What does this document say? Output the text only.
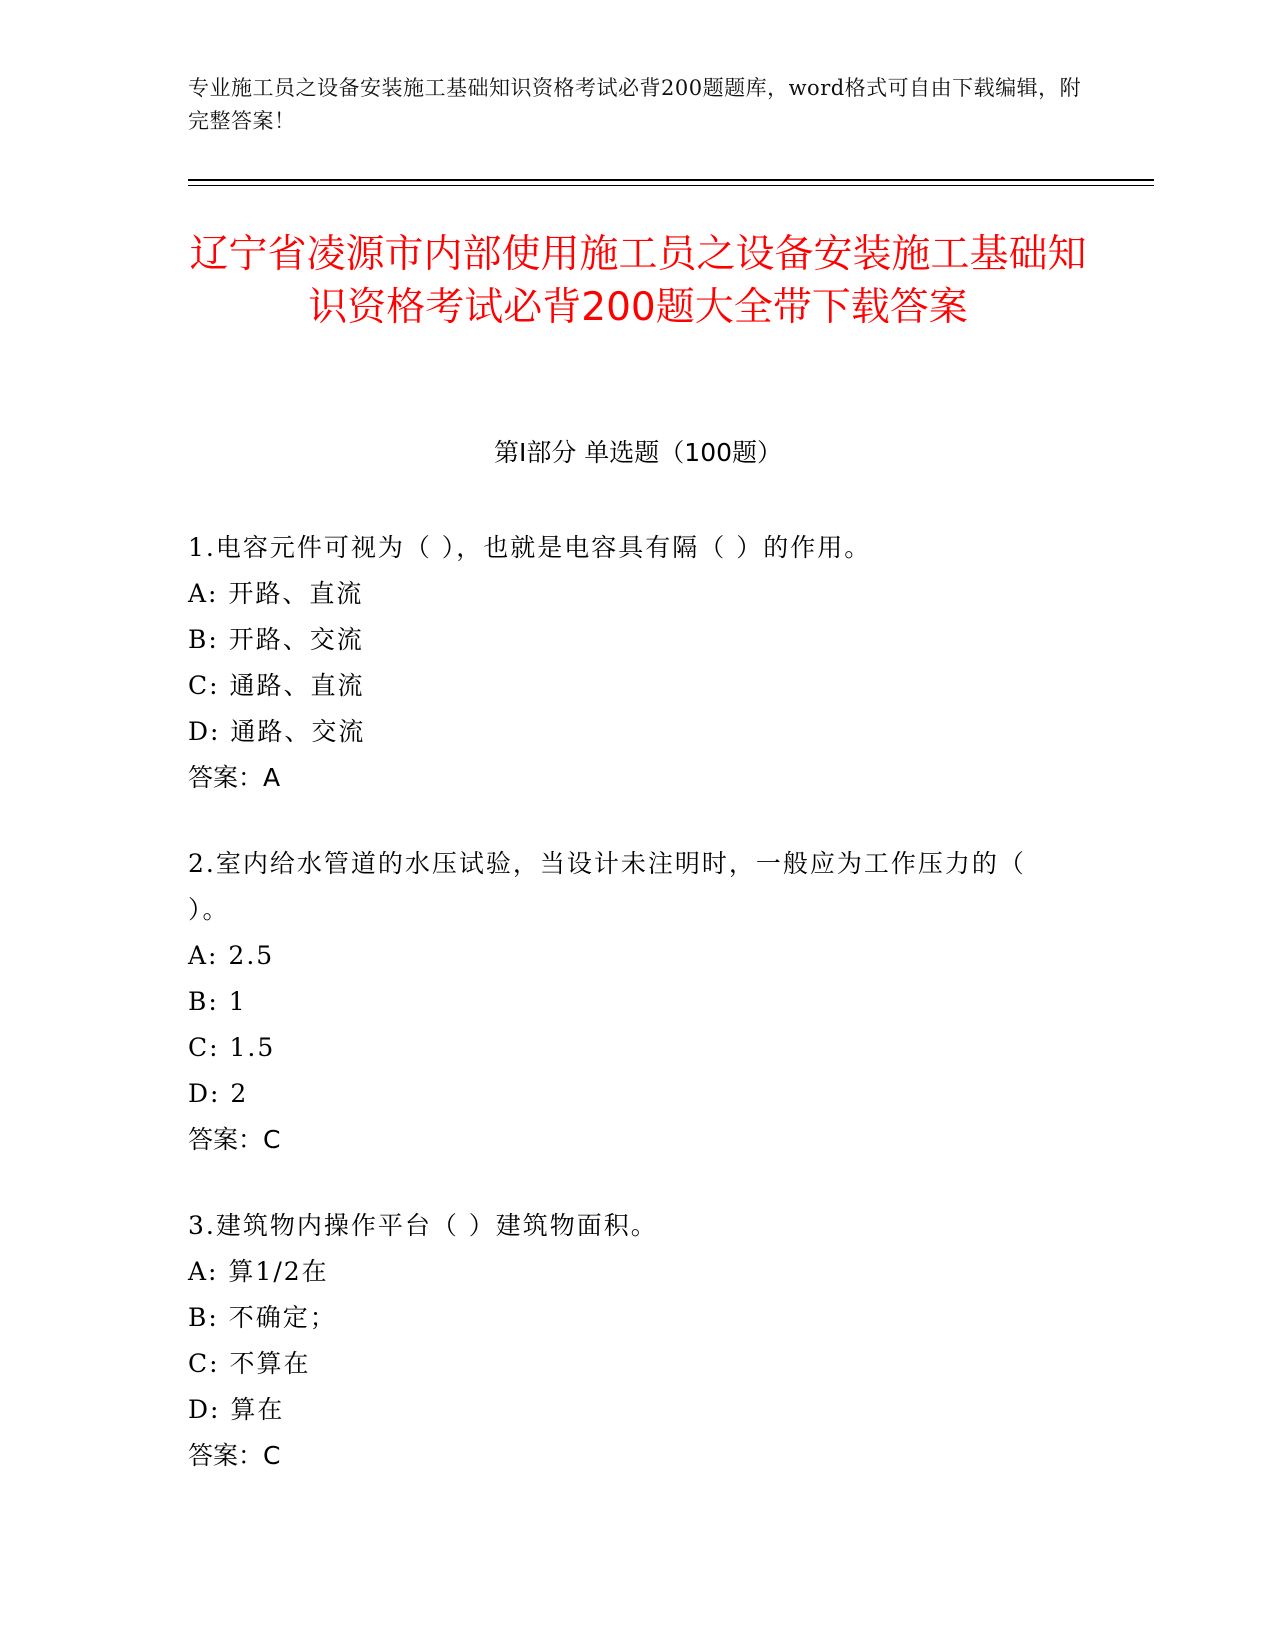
专业施工员之设备安装施工基础知识资格考试必背200题题库，word格式可自由下载编辑，附完整答案！
辽宁省凌源市内部使用施工员之设备安装施工基础知识资格考试必背200题大全带下载答案
第Ⅰ部分 单选题（100题）
1.电容元件可视为（ ），也就是电容具有隔（ ）的作用。
A: 开路、直流
B: 开路、交流
C: 通路、直流
D: 通路、交流
答案：A
2.室内给水管道的水压试验，当设计未注明时，一般应为工作压力的（ ）。
A: 2.5
B: 1
C: 1.5
D: 2
答案：C
3.建筑物内操作平台（ ）建筑物面积。
A: 算1/2在
B: 不确定；
C: 不算在
D: 算在
答案：C
